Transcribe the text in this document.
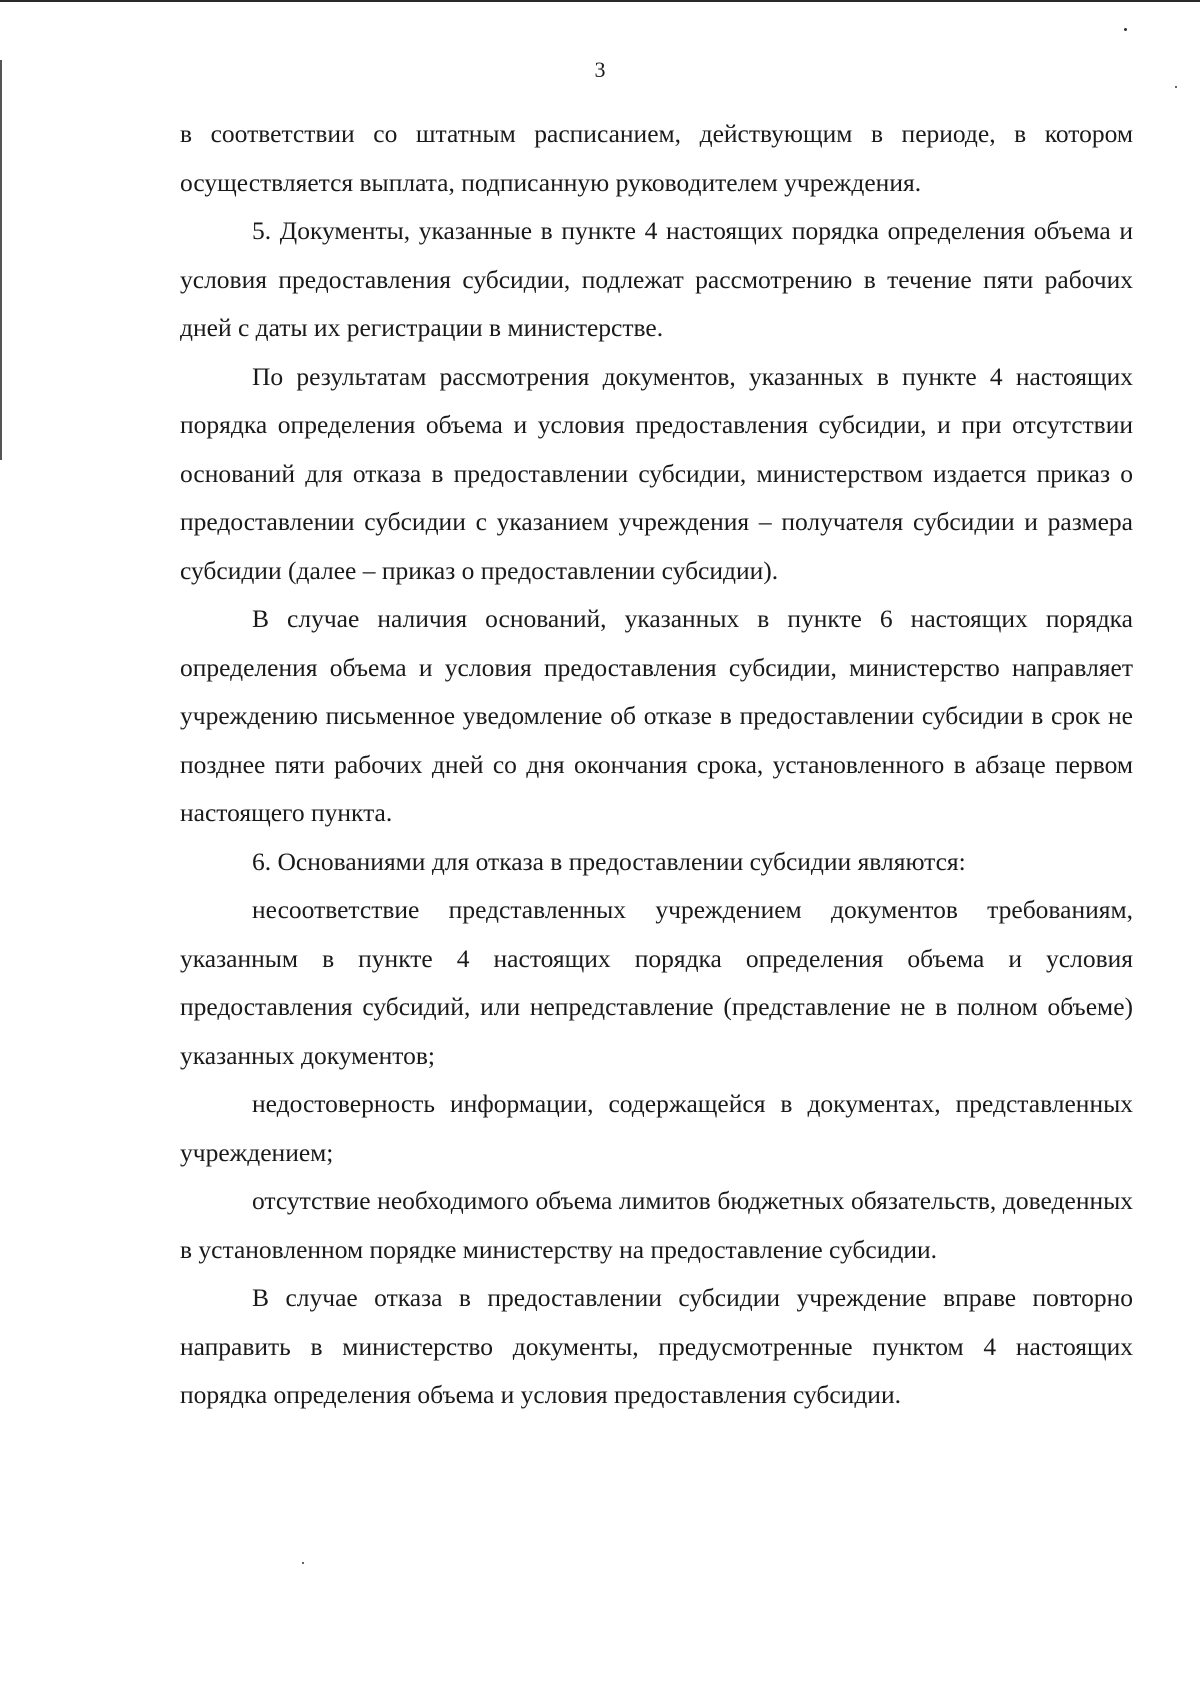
3

в соответствии со штатным расписанием, действующим в периоде, в котором осуществляется выплата, подписанную руководителем учреждения.

5. Документы, указанные в пункте 4 настоящих порядка определения объема и условия предоставления субсидии, подлежат рассмотрению в течение пяти рабочих дней с даты их регистрации в министерстве.

По результатам рассмотрения документов, указанных в пункте 4 настоящих порядка определения объема и условия предоставления субсидии, и при отсутствии оснований для отказа в предоставлении субсидии, министерством издается приказ о предоставлении субсидии с указанием учреждения – получателя субсидии и размера субсидии (далее – приказ о предоставлении субсидии).

В случае наличия оснований, указанных в пункте 6 настоящих порядка определения объема и условия предоставления субсидии, министерство направляет учреждению письменное уведомление об отказе в предоставлении субсидии в срок не позднее пяти рабочих дней со дня окончания срока, установленного в абзаце первом настоящего пункта.

6. Основаниями для отказа в предоставлении субсидии являются:

несоответствие представленных учреждением документов требованиям, указанным в пункте 4 настоящих порядка определения объема и условия предоставления субсидий, или непредставление (представление не в полном объеме) указанных документов;

недостоверность информации, содержащейся в документах, представленных учреждением;

отсутствие необходимого объема лимитов бюджетных обязательств, доведенных в установленном порядке министерству на предоставление субсидии.

В случае отказа в предоставлении субсидии учреждение вправе повторно направить в министерство документы, предусмотренные пунктом 4 настоящих порядка определения объема и условия предоставления субсидии.
